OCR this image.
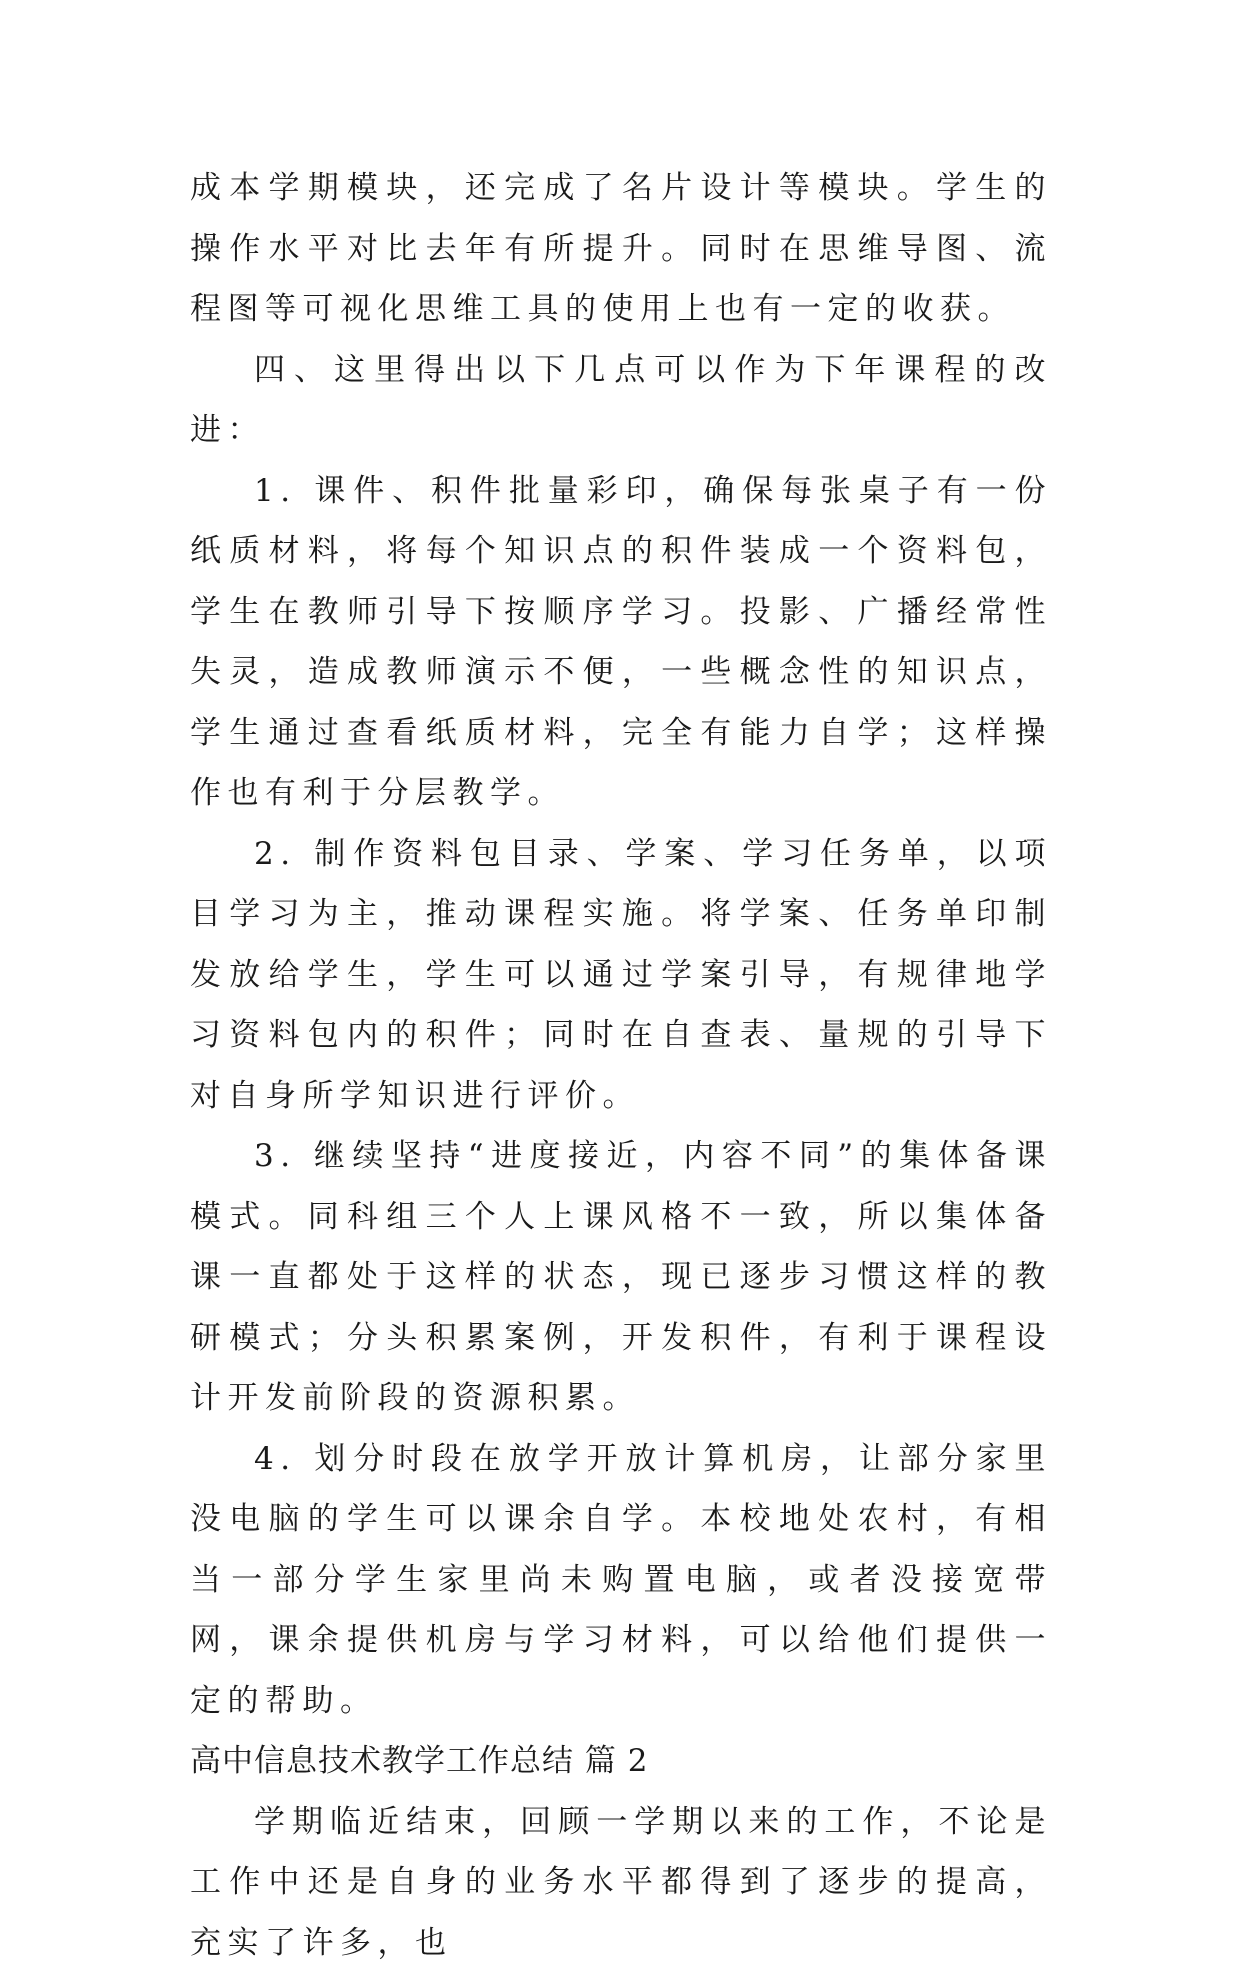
成本学期模块，还完成了名片设计等模块。学生的操作水平对比去年有所提升。同时在思维导图、流程图等可视化思维工具的使用上也有一定的收获。

四、这里得出以下几点可以作为下年课程的改进：

1. 课件、积件批量彩印，确保每张桌子有一份纸质材料，将每个知识点的积件装成一个资料包，学生在教师引导下按顺序学习。投影、广播经常性失灵，造成教师演示不便，一些概念性的知识点，学生通过查看纸质材料，完全有能力自学；这样操作也有利于分层教学。

2. 制作资料包目录、学案、学习任务单，以项目学习为主，推动课程实施。将学案、任务单印制发放给学生，学生可以通过学案引导，有规律地学习资料包内的积件；同时在自查表、量规的引导下对自身所学知识进行评价。

3. 继续坚持“进度接近，内容不同”的集体备课模式。同科组三个人上课风格不一致，所以集体备课一直都处于这样的状态，现已逐步习惯这样的教研模式；分头积累案例，开发积件，有利于课程设计开发前阶段的资源积累。

4. 划分时段在放学开放计算机房，让部分家里没电脑的学生可以课余自学。本校地处农村，有相当一部分学生家里尚未购置电脑，或者没接宽带网，课余提供机房与学习材料，可以给他们提供一定的帮助。

高中信息技术教学工作总结 篇 2

学期临近结束，回顾一学期以来的工作，不论是工作中还是自身的业务水平都得到了逐步的提高，充实了许多，也
